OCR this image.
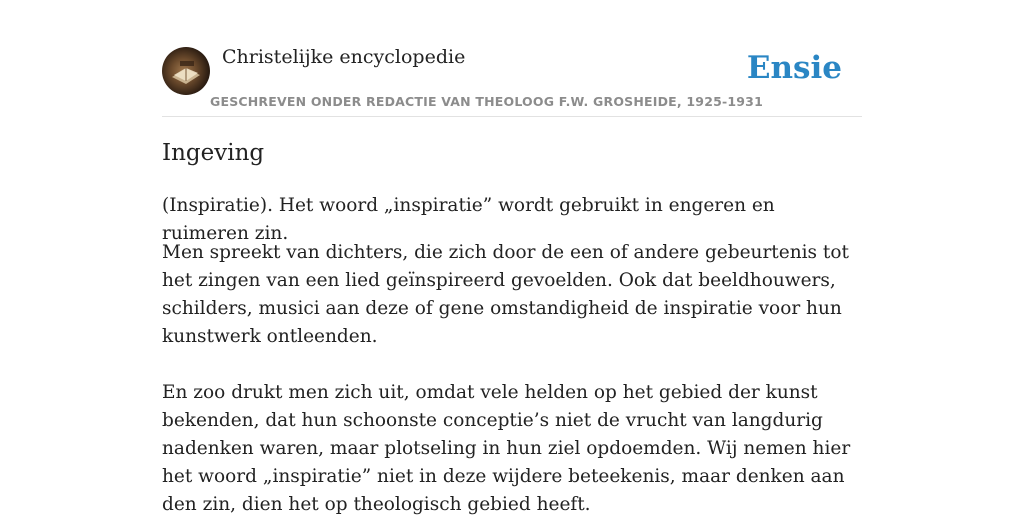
Christelijke encyclopedie
GESCHREVEN ONDER REDACTIE VAN THEOLOOG F.W. GROSHEIDE, 1925-1931
Ensie
Ingeving

(Inspiratie). Het woord „inspiratie” wordt gebruikt in engeren en ruimeren zin.

Men spreekt van dichters, die zich door de een of andere gebeurtenis tot het zingen van een lied geïnspireerd gevoelden. Ook dat beeldhouwers, schilders, musici aan deze of gene omstandigheid de inspiratie voor hun kunstwerk ontleenden.

En zoo drukt men zich uit, omdat vele helden op het gebied der kunst bekenden, dat hun schoonste conceptie’s niet de vrucht van langdurig nadenken waren, maar plotseling in hun ziel opdoemden. Wij nemen hier het woord „inspiratie” niet in deze wijdere beteekenis, maar denken aan den zin, dien het op theologisch gebied heeft.
